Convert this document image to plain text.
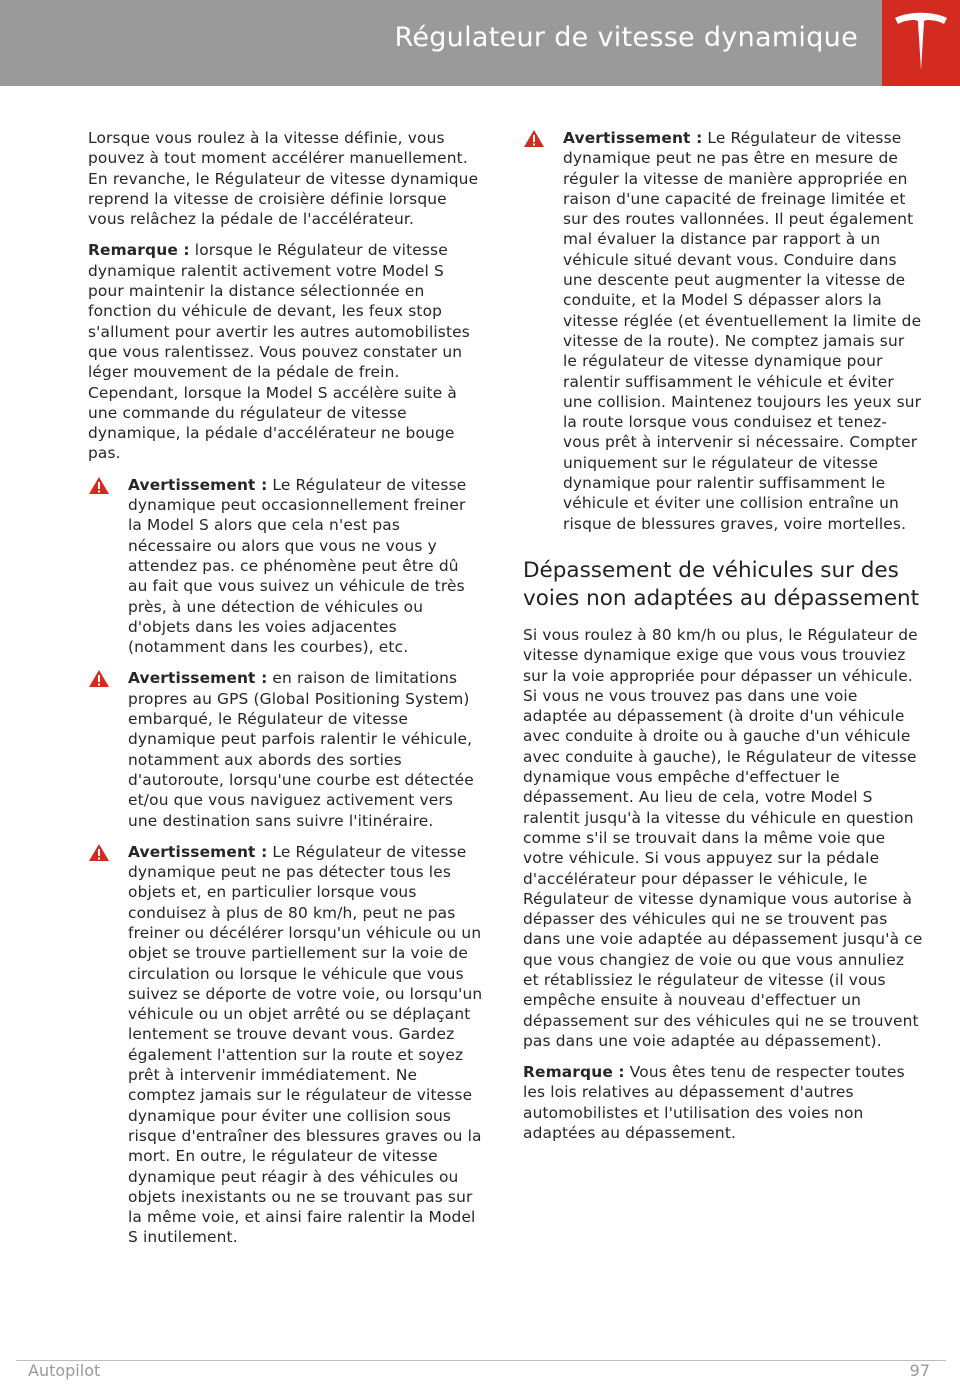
Régulateur de vitesse dynamique

Lorsque vous roulez à la vitesse définie, vous pouvez à tout moment accélérer manuellement. En revanche, le Régulateur de vitesse dynamique reprend la vitesse de croisière définie lorsque vous relâchez la pédale de l'accélérateur.

Remarque : lorsque le Régulateur de vitesse dynamique ralentit activement votre Model S pour maintenir la distance sélectionnée en fonction du véhicule de devant, les feux stop s'allument pour avertir les autres automobilistes que vous ralentissez. Vous pouvez constater un léger mouvement de la pédale de frein. Cependant, lorsque la Model S accélère suite à une commande du régulateur de vitesse dynamique, la pédale d'accélérateur ne bouge pas.

Avertissement : Le Régulateur de vitesse dynamique peut occasionnellement freiner la Model S alors que cela n'est pas nécessaire ou alors que vous ne vous y attendez pas. ce phénomène peut être dû au fait que vous suivez un véhicule de très près, à une détection de véhicules ou d'objets dans les voies adjacentes (notamment dans les courbes), etc.
Avertissement : en raison de limitations propres au GPS (Global Positioning System) embarqué, le Régulateur de vitesse dynamique peut parfois ralentir le véhicule, notamment aux abords des sorties d'autoroute, lorsqu'une courbe est détectée et/ou que vous naviguez activement vers une destination sans suivre l'itinéraire.
Avertissement : Le Régulateur de vitesse dynamique peut ne pas détecter tous les objets et, en particulier lorsque vous conduisez à plus de 80 km/h, peut ne pas freiner ou décélérer lorsqu'un véhicule ou un objet se trouve partiellement sur la voie de circulation ou lorsque le véhicule que vous suivez se déporte de votre voie, ou lorsqu'un véhicule ou un objet arrêté ou se déplaçant lentement se trouve devant vous. Gardez également l'attention sur la route et soyez prêt à intervenir immédiatement. Ne comptez jamais sur le régulateur de vitesse dynamique pour éviter une collision sous risque d'entraîner des blessures graves ou la mort. En outre, le régulateur de vitesse dynamique peut réagir à des véhicules ou objets inexistants ou ne se trouvant pas sur la même voie, et ainsi faire ralentir la Model S inutilement.
Avertissement : Le Régulateur de vitesse dynamique peut ne pas être en mesure de réguler la vitesse de manière appropriée en raison d'une capacité de freinage limitée et sur des routes vallonnées. Il peut également mal évaluer la distance par rapport à un véhicule situé devant vous. Conduire dans une descente peut augmenter la vitesse de conduite, et la Model S dépasser alors la vitesse réglée (et éventuellement la limite de vitesse de la route). Ne comptez jamais sur le régulateur de vitesse dynamique pour ralentir suffisamment le véhicule et éviter une collision. Maintenez toujours les yeux sur la route lorsque vous conduisez et tenez-vous prêt à intervenir si nécessaire. Compter uniquement sur le régulateur de vitesse dynamique pour ralentir suffisamment le véhicule et éviter une collision entraîne un risque de blessures graves, voire mortelles.
Dépassement de véhicules sur des voies non adaptées au dépassement

Si vous roulez à 80 km/h ou plus, le Régulateur de vitesse dynamique exige que vous vous trouviez sur la voie appropriée pour dépasser un véhicule. Si vous ne vous trouvez pas dans une voie adaptée au dépassement (à droite d'un véhicule avec conduite à droite ou à gauche d'un véhicule avec conduite à gauche), le Régulateur de vitesse dynamique vous empêche d'effectuer le dépassement. Au lieu de cela, votre Model S ralentit jusqu'à la vitesse du véhicule en question comme s'il se trouvait dans la même voie que votre véhicule. Si vous appuyez sur la pédale d'accélérateur pour dépasser le véhicule, le Régulateur de vitesse dynamique vous autorise à dépasser des véhicules qui ne se trouvent pas dans une voie adaptée au dépassement jusqu'à ce que vous changiez de voie ou que vous annuliez et rétablissiez le régulateur de vitesse (il vous empêche ensuite à nouveau d'effectuer un dépassement sur des véhicules qui ne se trouvent pas dans une voie adaptée au dépassement).

Remarque : Vous êtes tenu de respecter toutes les lois relatives au dépassement d'autres automobilistes et l'utilisation des voies non adaptées au dépassement.

Autopilot	97
